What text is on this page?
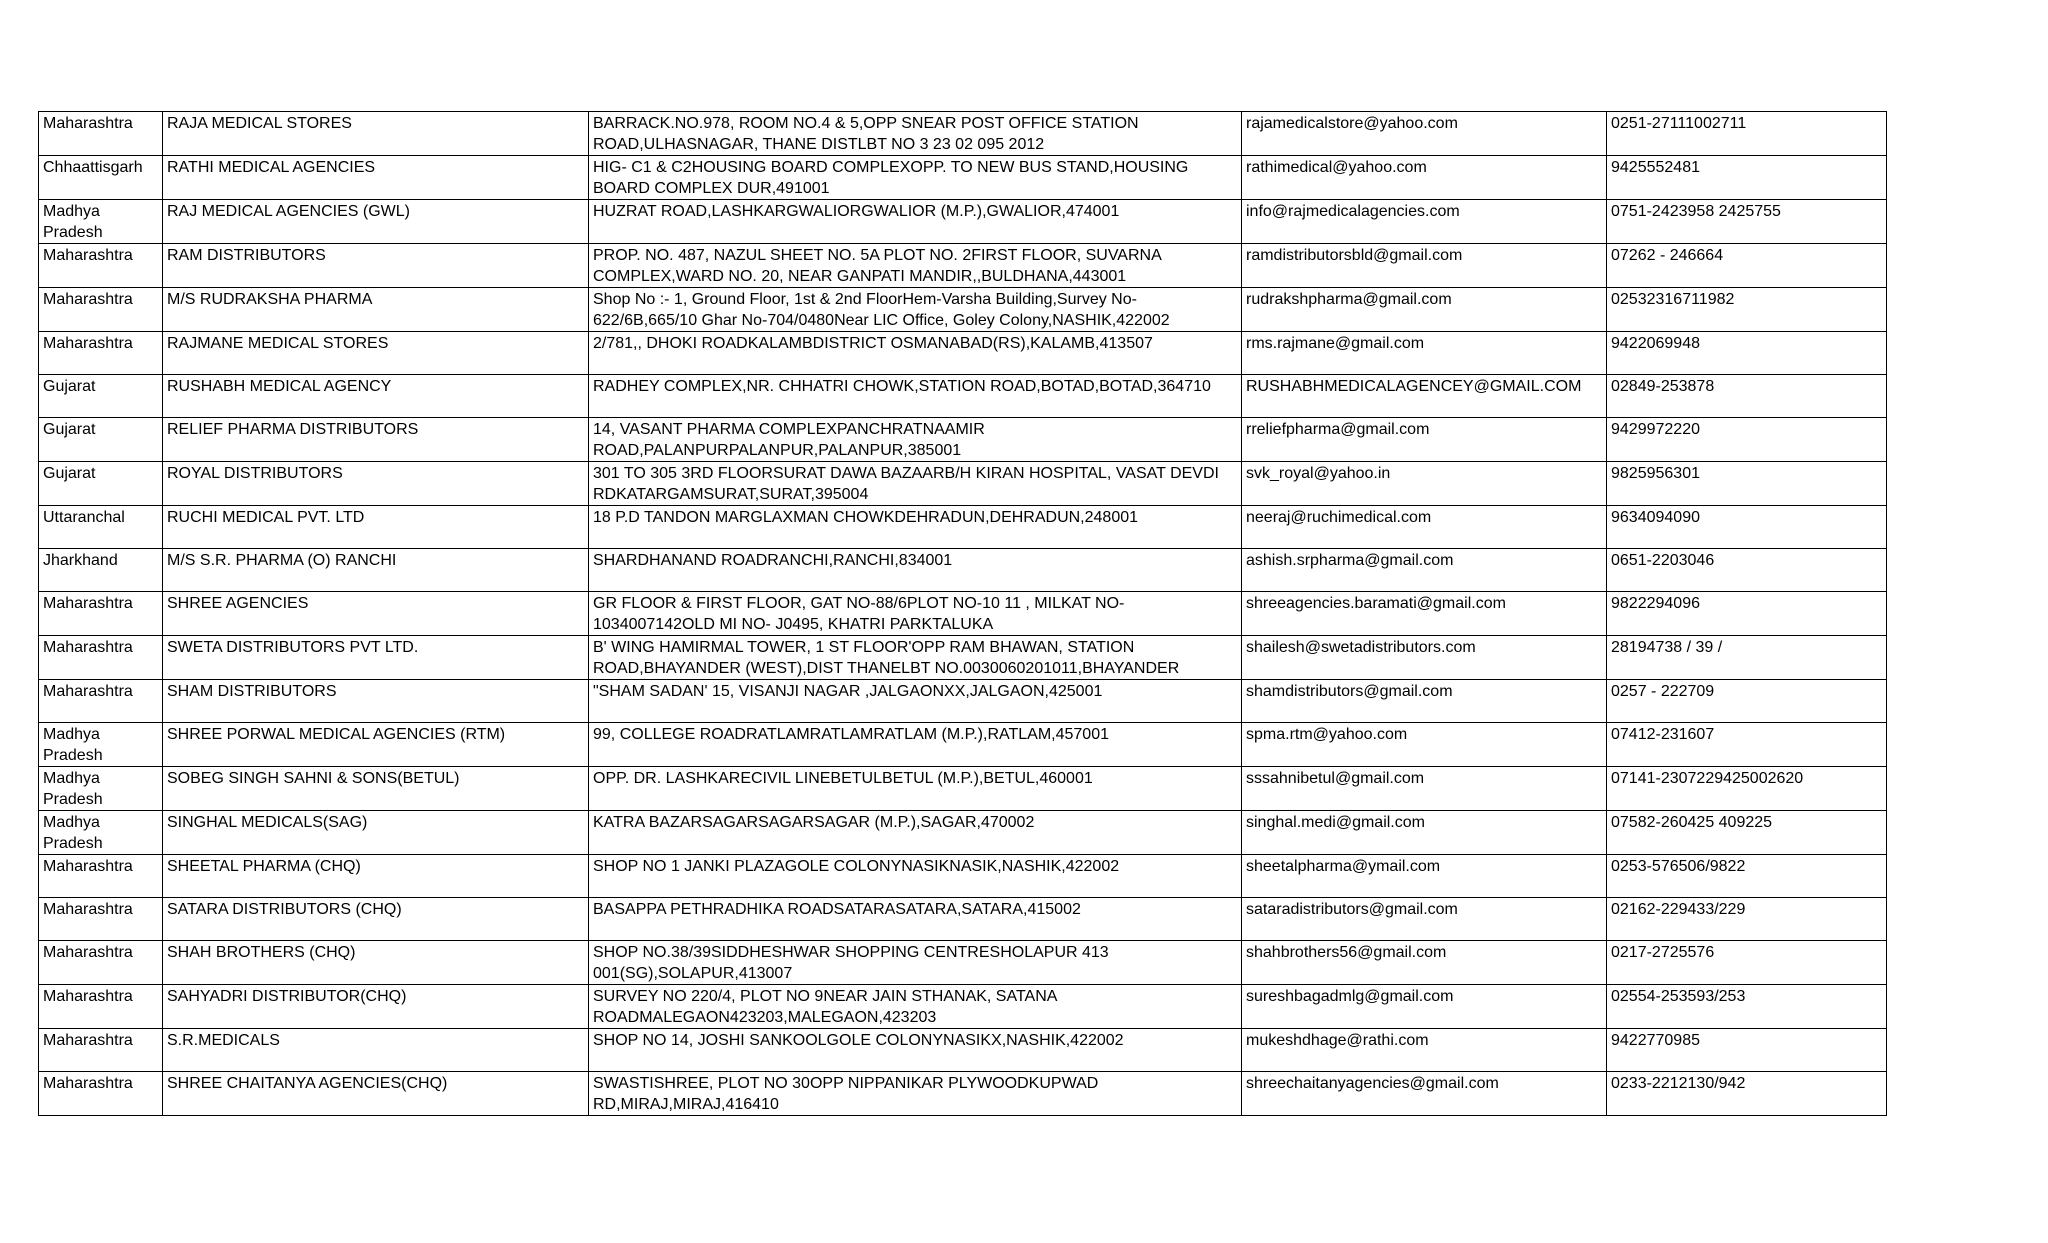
Maharashtra	RAJA MEDICAL STORES	BARRACK.NO.978, ROOM NO.4 & 5,OPP SNEAR POST OFFICE STATION ROAD,ULHASNAGAR, THANE DISTLBT NO 3 23 02 095 2012	rajamedicalstore@yahoo.com	0251-27111002711
Chhaattisgarh	RATHI MEDICAL AGENCIES	HIG- C1 & C2HOUSING BOARD COMPLEXOPP. TO NEW BUS STAND,HOUSING BOARD COMPLEX DUR,491001	rathimedical@yahoo.com	9425552481
Madhya Pradesh	RAJ MEDICAL AGENCIES (GWL)	HUZRAT ROAD,LASHKARGWALIORGWALIOR (M.P.),GWALIOR,474001	info@rajmedicalagencies.com	0751-2423958 2425755
Maharashtra	RAM DISTRIBUTORS	PROP. NO. 487, NAZUL SHEET NO. 5A PLOT NO. 2FIRST FLOOR, SUVARNA COMPLEX,WARD NO. 20, NEAR GANPATI MANDIR,,BULDHANA,443001	ramdistributorsbld@gmail.com	07262 - 246664
Maharashtra	M/S RUDRAKSHA PHARMA	Shop No :- 1, Ground Floor, 1st & 2nd FloorHem-Varsha Building,Survey No-622/6B,665/10 Ghar No-704/0480Near LIC Office, Goley Colony,NASHIK,422002	rudrakshpharma@gmail.com	02532316711982
Maharashtra	RAJMANE MEDICAL STORES	2/781,, DHOKI ROADKALAMBDISTRICT OSMANABAD(RS),KALAMB,413507	rms.rajmane@gmail.com	9422069948
Gujarat	RUSHABH MEDICAL AGENCY	RADHEY COMPLEX,NR. CHHATRI CHOWK,STATION ROAD,BOTAD,BOTAD,364710	RUSHABHMEDICALAGENCEY@GMAIL.COM	02849-253878
Gujarat	RELIEF PHARMA DISTRIBUTORS	14, VASANT PHARMA COMPLEXPANCHRATNAAMIR ROAD,PALANPURPALANPUR,PALANPUR,385001	rreliefpharma@gmail.com	9429972220
Gujarat	ROYAL DISTRIBUTORS	301 TO 305 3RD FLOORSURAT DAWA BAZAARB/H KIRAN HOSPITAL, VASAT DEVDI RDKATARGAMSURAT,SURAT,395004	svk_royal@yahoo.in	9825956301
Uttaranchal	RUCHI MEDICAL PVT. LTD	18 P.D TANDON MARGLAXMAN CHOWKDEHRADUN,DEHRADUN,248001	neeraj@ruchimedical.com	9634094090
Jharkhand	M/S S.R. PHARMA (O) RANCHI	SHARDHANAND ROADRANCHI,RANCHI,834001	ashish.srpharma@gmail.com	0651-2203046
Maharashtra	SHREE AGENCIES	GR FLOOR & FIRST FLOOR, GAT NO-88/6PLOT NO-10 11 , MILKAT NO-1034007142OLD MI NO- J0495, KHATRI PARKTALUKA	shreeagencies.baramati@gmail.com	9822294096
Maharashtra	SWETA DISTRIBUTORS PVT LTD.	B' WING HAMIRMAL TOWER, 1 ST FLOOR'OPP RAM BHAWAN, STATION ROAD,BHAYANDER (WEST),DIST THANELBT NO.0030060201011,BHAYANDER	shailesh@swetadistributors.com	28194738 / 39 /
Maharashtra	SHAM DISTRIBUTORS	"SHAM SADAN' 15, VISANJI NAGAR ,JALGAONXX,JALGAON,425001	shamdistributors@gmail.com	0257 - 222709
Madhya Pradesh	SHREE PORWAL MEDICAL AGENCIES (RTM)	99, COLLEGE ROADRATLAMRATLAMRATLAM (M.P.),RATLAM,457001	spma.rtm@yahoo.com	07412-231607
Madhya Pradesh	SOBEG SINGH SAHNI & SONS(BETUL)	OPP. DR. LASHKARECIVIL LINEBETULBETUL (M.P.),BETUL,460001	sssahnibetul@gmail.com	07141-2307229425002620
Madhya Pradesh	SINGHAL MEDICALS(SAG)	KATRA BAZARSAGARSAGARSAGAR (M.P.),SAGAR,470002	singhal.medi@gmail.com	07582-260425 409225
Maharashtra	SHEETAL PHARMA (CHQ)	SHOP NO 1 JANKI PLAZAGOLE COLONYNASIKNASIK,NASHIK,422002	sheetalpharma@ymail.com	0253-576506/9822
Maharashtra	SATARA DISTRIBUTORS (CHQ)	BASAPPA PETHRADHIKA ROADSATARASATARA,SATARA,415002	sataradistributors@gmail.com	02162-229433/229
Maharashtra	SHAH BROTHERS (CHQ)	SHOP NO.38/39SIDDHESHWAR SHOPPING CENTRESHOLAPUR 413 001(SG),SOLAPUR,413007	shahbrothers56@gmail.com	0217-2725576
Maharashtra	SAHYADRI DISTRIBUTOR(CHQ)	SURVEY NO 220/4, PLOT NO 9NEAR JAIN STHANAK, SATANA ROADMALEGAON423203,MALEGAON,423203	sureshbagadmlg@gmail.com	02554-253593/253
Maharashtra	S.R.MEDICALS	SHOP NO 14, JOSHI SANKOOLGOLE COLONYNASIKX,NASHIK,422002	mukeshdhage@rathi.com	9422770985
Maharashtra	SHREE CHAITANYA AGENCIES(CHQ)	SWASTISHREE, PLOT NO 30OPP NIPPANIKAR PLYWOODKUPWAD RD,MIRAJ,MIRAJ,416410	shreechaitanyagencies@gmail.com	0233-2212130/942
